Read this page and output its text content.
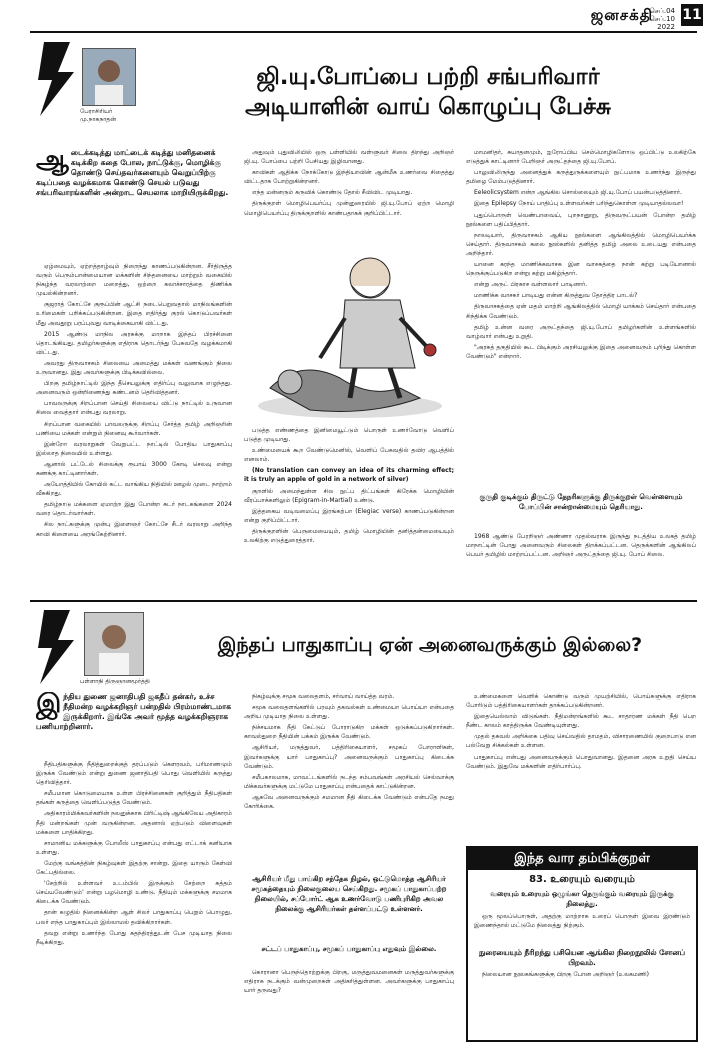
ஜனசக்தி
செப்.04
செப்.10
2022
11
பேராசிரியர் மு.நாகநாதன்
ஜி.யு.போப்பை பற்றி சங்பரிவார்
அடியாளின் வாய் கொழுப்பு பேச்சு
ஆ டைக்கடித்து மாட்டைக் கடித்து மனிதனைக் கடிக்கிற கதை போல, நாட்டுக்கு, மொழிக்கு தொண்டு செய்தவர்களையும் வெறுப்பிற்கு கடிப்பதை வழக்கமாக கொண்டு செயல் படுவது சங்பரிவாரங்களின் அன்றாட செயலாக மாறியிருக்கிறது.

ஏழ்மையும், ஏற்றத்தாழ்வும் நிறைந்து காணப்படுகின்றன. சீர்திருத்த வரும் பெரும்பான்மையான மக்களின் சிந்தனையை மாற்றும் வகையில் நிகழ்ந்த வரலாற்றை மறைத்து, ஒற்றை கலாச்சாரத்தை திணிக்க முயல்கின்றனர்.

குஜராத் கோட்சே குரூப்பின் ஆட்சி நடைபெறுவதால் மாநிலங்களின் உரிமைகள் பறிக்கப்படுகின்றன. இதை எதிர்த்து குரல் கொடுப்பவர்கள் மீது அவதூறு பரப்புவது வாடிக்கையாகி விட்டது.

2015 ஆண்டு மாநில அரசுக்கு மாறாக இந்தப் பிரச்சினை தொடங்கியது. தமிழர்களுக்கு எதிராக தொடர்ந்து பேசுவதே வழக்கமாகி விட்டது.

அவரது திருவாசகம் சிலையை அமைத்து மக்கள் வணங்கும் நிலை உருவானது. இது அவர்களுக்கு பிடிக்கவில்லை.

பிறகு தமிழ்நாட்டில் இந்த தீசெயலுக்கு எதிர்ப்பு வலுவாக எழுந்தது. அனைவரும் ஒன்றிணைந்து கண்டனம் தெரிவித்தனர்.

பாவலருக்கு சிறப்பான செய்தி சிலையை விட்டு நாட்டில் உருவான சிலை வைத்தார் என்பது வரலாறு.

சிறப்பான வகையில் பாவலருக்கு சிறப்பு சேர்த்த தமிழ் அறிஞரின் பணியை மக்கள் என்றும் நினைவு கூர்வார்கள்.

இன்றோ வரலாறுகள் வேறுபட்ட நாட்டில் போதிய பாதுகாப்பு இல்லாத நிலையில் உள்ளது.

ஆனால் பட்டேல் சிலைக்கு ரூபாய் 3000 கோடி செலவு என்று கணக்கு காட்டினார்கள்.

அயோத்தியில் கோயில் கட்ட வாங்கிய நிதியில் ஊழல் முடை நாற்றம் வீசுகிறது.

தமிழ்நாடு மக்களை ஏமாற்ற இது போன்ற சுடர் நாடகங்களை 2024 வரை தொடர்வார்கள்.

சில நாட்களுக்கு முன்பு இளைஞர் கோட்சே சீடர் வரலாறு அறிந்த காவி கிளையை அரங்கேற்றினார்.

அதுவும் புதுவிலியில் ஒரு பள்ளியில் வள்ளுவர் சிலை திறந்து அறிஞர் ஜி.யு. போப்பை பற்றி பேசியது இழிவானது.

காவிகள் ஆதிக்க நோக்கோடு இந்தியாவின் ஆன்மீக உணர்வை சிதைத்து விட்டதாக போற்றுகின்றனர்.

எந்த மன்னரும் கருவிக் கொண்டு தோல் சீவிவிட முடியாது.

திருக்குறள் மொழிபெயர்ப்பு முன்னுரையில் ஜி.யு.போப் ஏற்ற மொழி மொழிபெயர்ப்பு திருக்குறளில் காண்பதாகக் குறிப்பிட்டார்.

படுத்த எண்ணத்தை இனிமையூட்டும் பொருள் உணர்வோடு வெளிப் படுத்த முடியாது.

உண்மையைக் கூற வேண்டுமெனில், வெளிப் பேசுவதில் தவிர ஆபத்தில் எனலாம்.

(No translation can convey an idea of its charming effect; it is truly an apple of gold in a network of silver)

குறளில் அமைந்துள்ள சில நுட்ப திட்பங்கள் கிரேக்க மொழியின் வீரப்பாக்களிலும் (Epigram-in-Martial) உண்டு.

இத்தகைய வடிவமைப்பு இரங்கற்பா (Elegiac verse) காணப்படுகின்றன என்று குறிப்பிட்டார்.

திருக்குறளின் பெருமையையும், தமிழ் மொழியின் தனித்தன்மையையும் உலகிற்கு எடுத்துரைத்தார்.

மாமனிதர், சுயாதனமும், ஐரோப்பிய செம்மொழிகளோடு ஒப்பிட்டு உலகிற்கே எடுத்துக் காட்டினார் பேறிஞர் அருட்தந்தை ஜி.யு.போப்.

பாலுவிலிருந்து அனைத்துக் கருத்துருக்களையும் நுட்பமாக உணர்ந்து இருந்து தமிழை மேம்படுத்தினார்.

Eeleolicsystem என்ற ஆங்கில சொல்லையும் ஜி.யு.போப் பயன்படுத்தினார்.

இதை Epilepsy நோய் பாதிப்பு உள்ளவர்கள் பரிந்துகொள்ள முடியாதல்லவா!

புதுப்பொருள் வெண்பாவைய், புறநானூறு, திருவருட்பயன் போன்ற தமிழ் நூல்களை பதிப்பித்தார்.

நாலடியார், திருவாசகம் ஆகிய நூல்களை ஆங்கிலத்தில் மொழிபெயர்க்க செய்தார். திருவாசகம் கலை நூல்களில் தனித்த தமிழ் அலை உடையது என்பதை அறிந்தார்.

யானை கரந்த மாணிக்கவாசக இன வாசகத்தை நான் கற்று படியோனால் நெருக்குப்படுகிற என்று கற்று மகிழ்ந்தார்.

என்று அருட் பிரகாச வள்ளலார் பாடினார்.

மாணிக்க வாசகர் பாடியது என்ன கிருத்துவ தோத்திர பாடல்?

திருவாசகத்தை ஏன் மதம் மாற்றி ஆங்கிலத்தில் மொழி யாக்கம் செய்தார் என்பதை சிந்திக்க வேண்டும்.

தமிழ் உன்ன வரை அருட்தந்தை ஜி.யு.போப் தமிழர்களின் உள்ளங்களில் வாழ்வார் என்பது உறுதி.

"அரசுத் தகுதியில் கூட பிடிக்கும் அரசியலுக்கு இதை அனைவரும் புரிந்து கொள்ள வேண்டும்" என்றார்.

குருதி குடிக்கும் திருட்டு தேநரிகளுக்கு திருக்குறள் வெள்ளையும் போப்பின் சான்றான்மையும் தெரியாது.

1968 ஆண்டு பேரறிஞர் அண்ணா முதல்வராக இருந்து நடத்திய உலகத் தமிழ் மாநாட்டின் போது அனைவரும் சிலைகள் திறக்கப்பட்டன. தெருக்களின் ஆங்கிலப் பெயர் தமிழில் மாற்றப்பட்டன. அறிஞர் அருட்தந்தை ஜி.யு. போப் சிலை.

பள்ளாநி திருஞானமூர்த்தி
இந்தப் பாதுகாப்பு ஏன் அனைவருக்கும் இல்லை?
இ ந்திய துணை ஜனாதிபதி ஜகதீப் தன்கர், உச்ச நீதிமன்ற வழக்கறிஞர் பன்றதில் பிரம்மாண்டமாக இருக்கிறார். இங்கே அவர் மூத்த வழக்கறிஞராக பணியாற்றினார்.

நீதிபதிகளுக்கு நீதித்துறைக்குத் தரப்படும் கௌரவம், பரிமாணமும் இருக்க வேண்டும் என்று துணை ஜனாதிபதி பொது வெளியில் கருத்து தெரிவித்தார்.

சமீபமான கொடுமையாக உள்ள பிரச்சினைகள் குறித்தும் நீதிபதிகள் தங்கள் கருத்தை வெளிப்படுத்த வேண்டும்.

அதிகாரம்மிக்கவர்களின் நலனுக்காக பிரிட்டிஷ் ஆங்கிலேய அதிகாரம் நீதி மன்றங்கள் முன் வருகின்றன. அதனால் ஏற்படும் விளைவுகள் மக்களை பாதிக்கிறது.

சாமானிய மக்களுக்கு போலீஸ் பாதுகாப்பு என்பது எட்டாக் கனியாக உள்ளது.

மேற்கு வங்கத்தின் நிகழ்வுகள் இதற்கு சான்று. இதை யாரும் கேள்வி கேட்பதில்லை.

'சேற்றில் உள்ளவர் உடம்பில் இருக்கும் சேற்றை சுத்தம் செய்யவேண்டும்' என்று பழமொழி உண்டு. நீதியும் மக்களுக்கு சமமாக கிடைக்க வேண்டும்.

தான் கழுதில் நினைக்கின்ற ஆள் சிலர் பாதுகாப்பு பெறும் பொழுது, பலர் எந்த பாதுகாப்பும் இல்லாமல் தவிக்கிறார்கள்.

தவறு என்று உணர்ந்த போது சுதந்திரத்துடன் பேச முடியாத நிலை நீடிக்கிறது.

நிகழ்வுக்கு சமூக வலைதளம், சர்வாய் வாய்த்த வரம்.

சமூக வலைதளங்களில் பரவும் தகவல்கள் உண்மையா பொய்யா என்பதை அறிய முடியாத நிலை உள்ளது.

நிச்சயமாக நீதி கேட்டுப் போராடுகிற மக்கள் ஒடுக்கப்படுகிறார்கள். காவல்துறை நீதியின் பக்கம் இருக்க வேண்டும்.

ஆசிரியர், மருத்துவர், பத்திரிகையாளர், சமூகப் போராளிகள், இவர்களுக்கு யார் பாதுகாப்பு? அனைவருக்கும் பாதுகாப்பு கிடைக்க வேண்டும்.

சமீபகாலமாக, மாவட்டங்களில் நடந்த சம்பவங்கள் அரசியல் செல்வாக்கு மிக்கவர்களுக்கு மட்டுமே பாதுகாப்பு என்பதைக் காட்டுகின்றன.

ஆகவே அனைவருக்கும் சமமான நீதி கிடைக்க வேண்டும் என்பதே நமது கோரிக்கை.

ஆசிரியர் மீது பாய்கிற சந்தேக நிழல், ஒட்டுமொத்த ஆசிரியர் சமூகத்தையும் நிலைகுலைய செய்கிறது. சமூகப் பாதுகாப்பற்ற நிலையில், சப்போர்ட் ஆக உணர்வோடு பணிபுரிகிற அவல நிலைக்கு ஆசிரியர்கள் தள்ளப்பட்டு உள்ளனர்.
சட்டப் பாதுகாப்பு, சமூகப் பாதுகாப்பு எதுவும் இல்லை.

கொரானா பெருந்தொற்றுக்கு பிறகு, மருத்துவமனைகள் மருத்துவர்களுக்கு எதிராக நடக்கும் வன்முறைகள் அதிகரித்துள்ளன. அவர்களுக்கு பாதுகாப்பு யார் தருவது?

உண்மைகளை வெளிக் கொண்டு வரும் முயற்சியில், பொய்களுக்கு எதிராக போரிடும் பத்திரிகையாளர்கள் தாக்கப்படுகின்றனர்.

இதையெல்லாம் விடுங்கள். நீதிமன்றங்களில் கூட சாதாரண மக்கள் நீதி பெற நீண்ட காலம் காத்திருக்க வேண்டியுள்ளது.

முதல் தகவல் அறிக்கை பதிவு செய்வதில் தாமதம், விசாரணையில் குறைபாடு என பல்வேறு சிக்கல்கள் உள்ளன.

பாதுகாப்பு என்பது அனைவருக்கும் பொதுவானது. இதனை அரசு உறுதி செய்ய வேண்டும். இதுவே மக்களின் எதிர்பார்ப்பு.

இந்த வார தம்பிக்குறள்
83. உரையும் வரையும்
வரையும் உரையும் ஒழுங்கா நெருங்கும் வரையும் இருக்கு நிலைத்து.

ஒரு மூலப்பொருள், அதற்கு மாற்றாக உரைப் பொருள் இவை இரண்டும் இணைந்தால் மட்டுமே நிலைத்து நிற்கும்.

நுரையையும் நீரிறந்து பசியென ஆங்கில நிறைநூலில் சோனப் பிறவம்.

நிலையான நூலகங்களுக்கு பிறகு போன அறிஞர் (உலகமணி)
